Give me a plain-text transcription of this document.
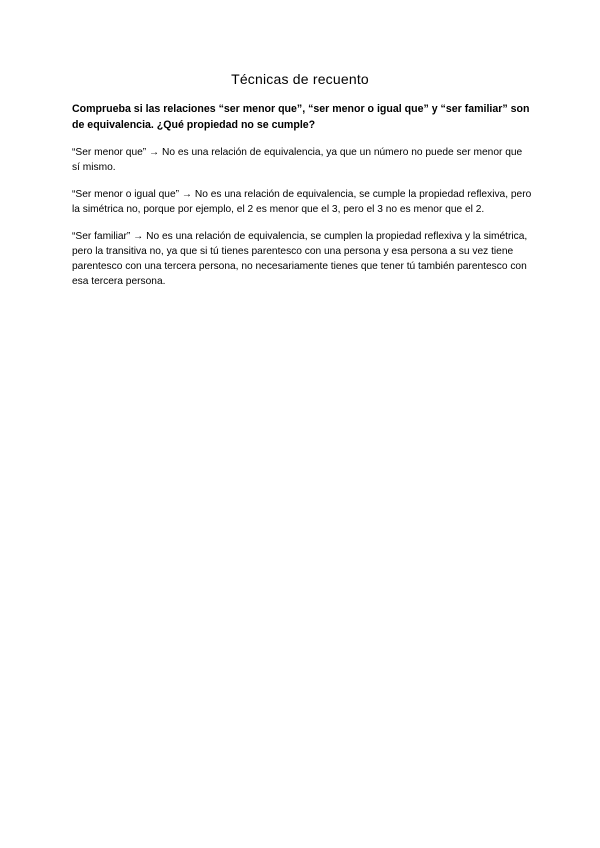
Técnicas de recuento

Comprueba si las relaciones “ser menor que”, “ser menor o igual que” y “ser familiar” son de equivalencia. ¿Qué propiedad no se cumple?

“Ser menor que” → No es una relación de equivalencia, ya que un número no puede ser menor que sí mismo.

“Ser menor o igual que” → No es una relación de equivalencia, se cumple la propiedad reflexiva, pero la simétrica no, porque por ejemplo, el 2 es menor que el 3, pero el 3 no es menor que el 2.

“Ser familiar” → No es una relación de equivalencia, se cumplen la propiedad reflexiva y la simétrica, pero la transitiva no, ya que si tú tienes parentesco con una persona y esa persona a su vez tiene parentesco con una tercera persona, no necesariamente tienes que tener tú también parentesco con esa tercera persona.
